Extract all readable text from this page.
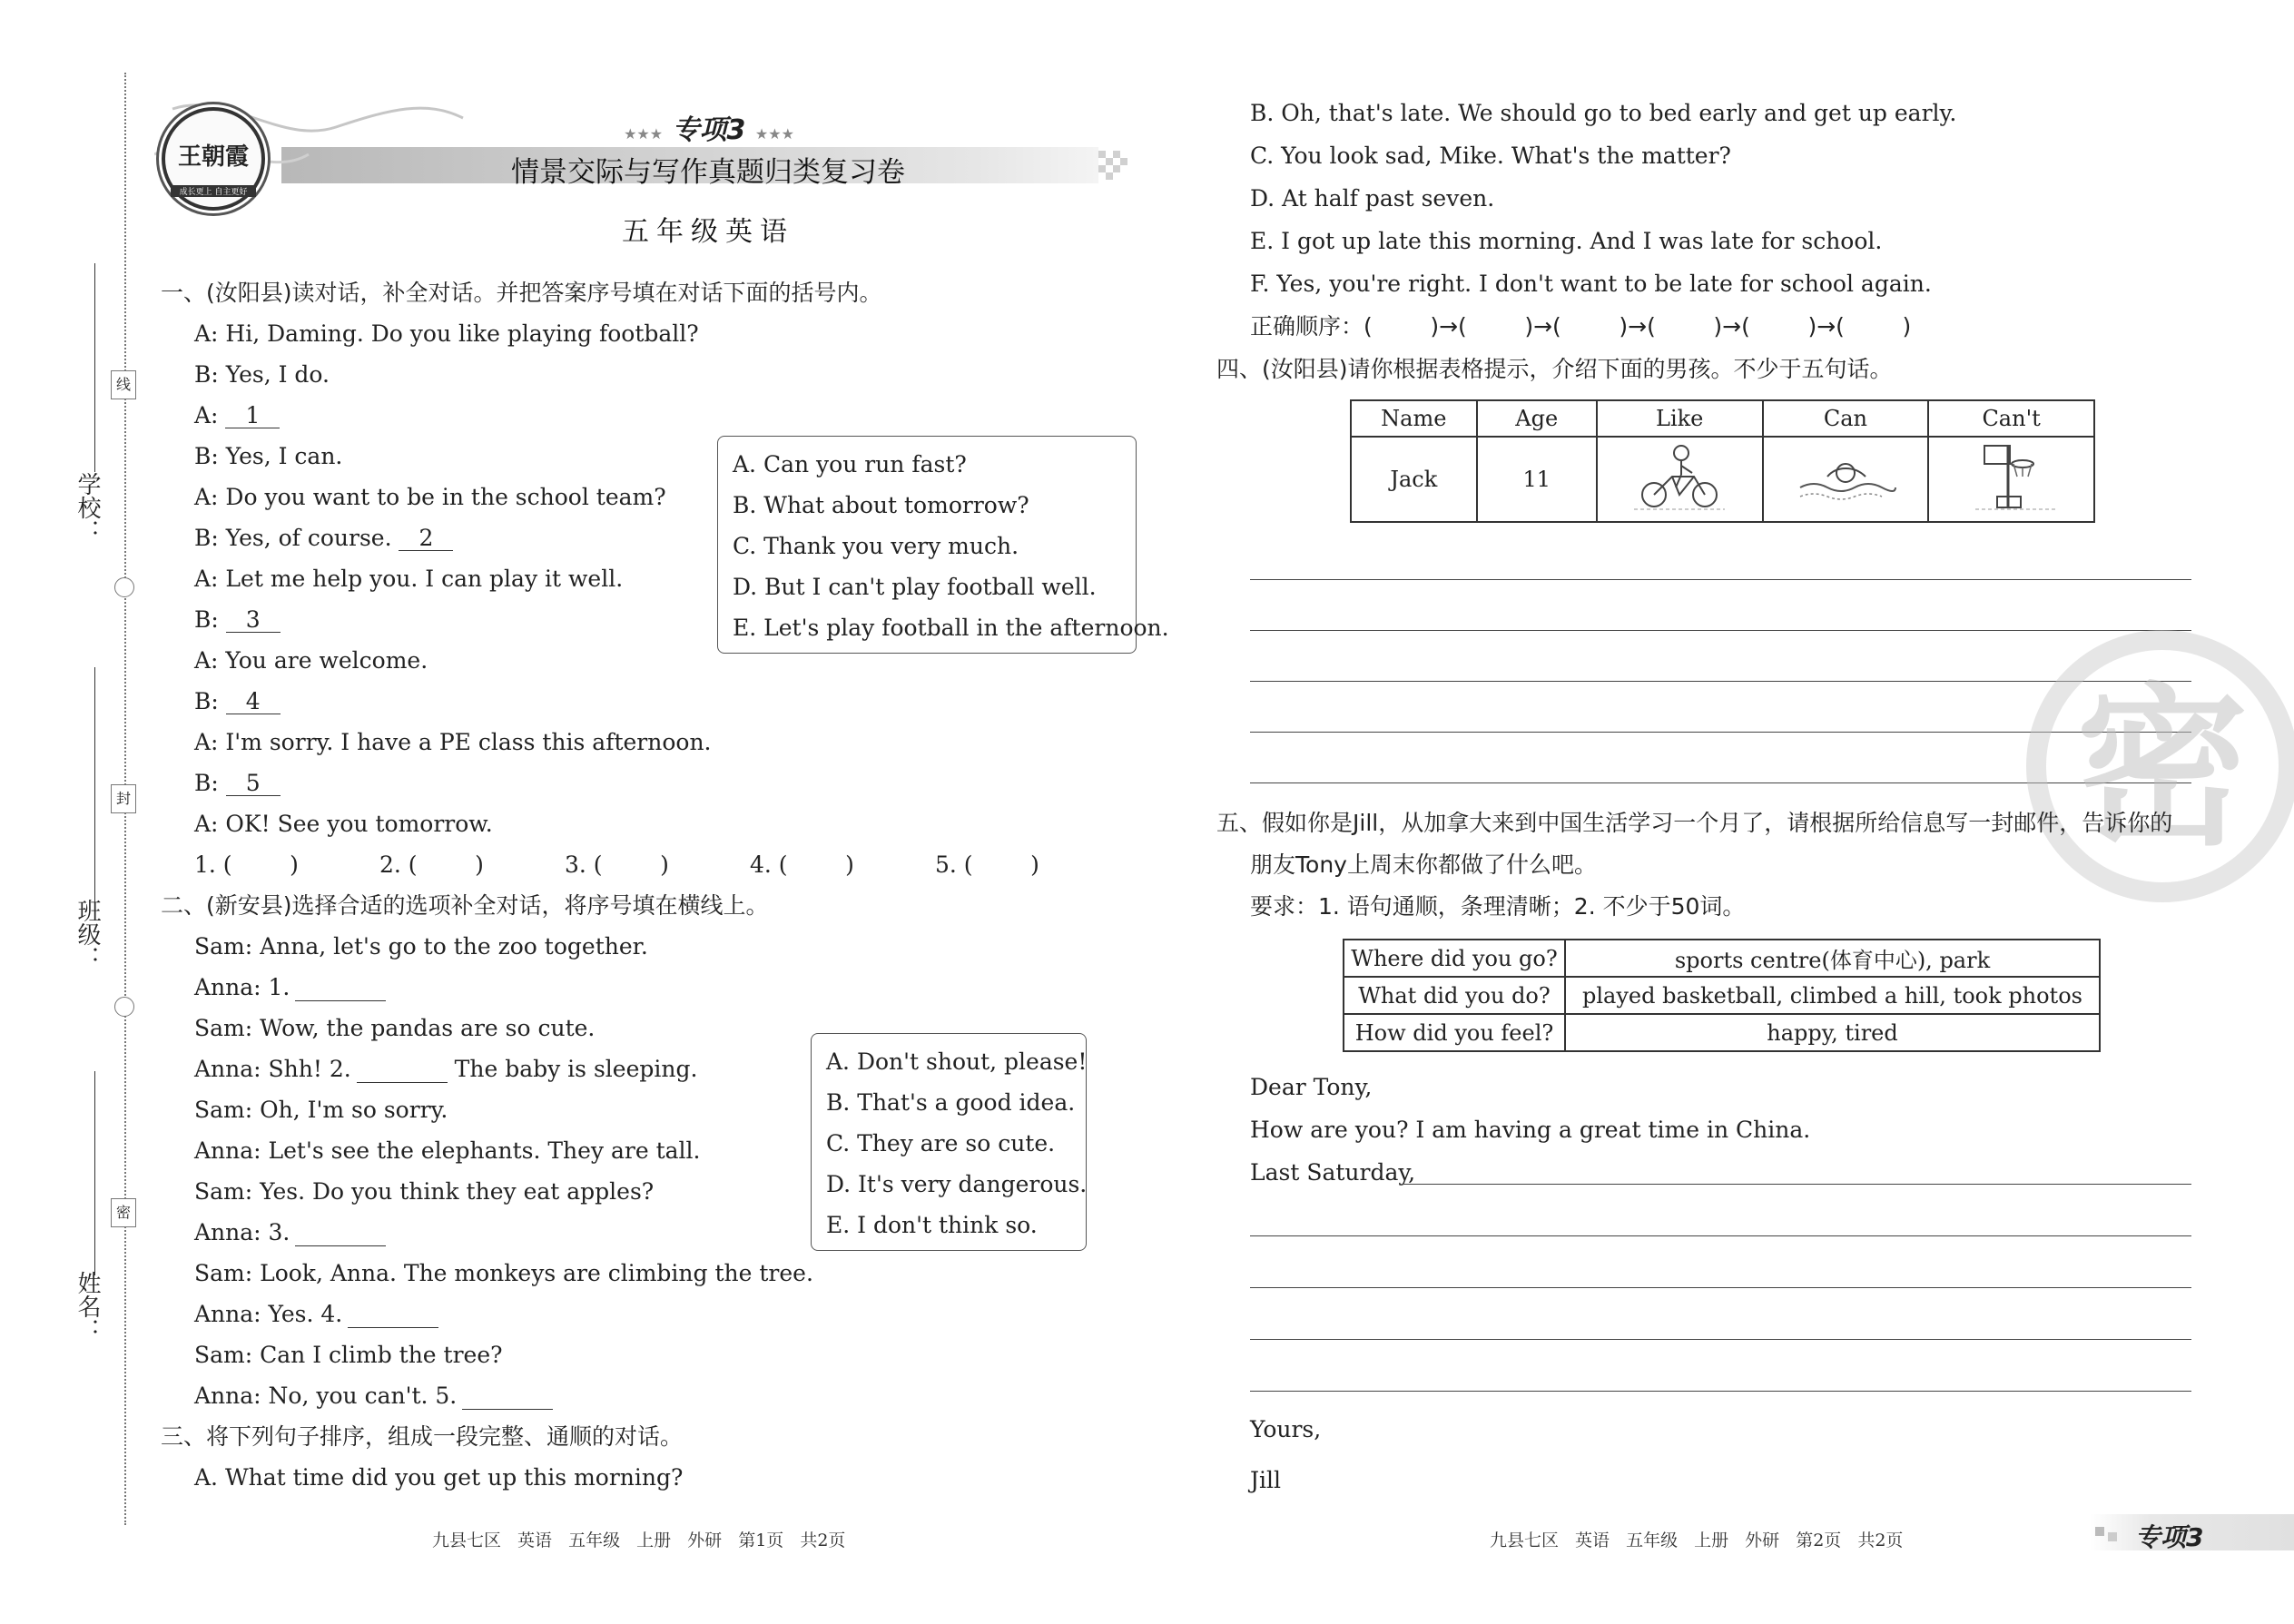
线
封
密
学校：
班级：
姓名：
王朝霞
成长更上 自主更好
★★★ 专项3 ★★★
情景交际与写作真题归类复习卷
五年级英语
一、(汝阳县)读对话，补全对话。并把答案序号填在对话下面的括号内。
A: Hi, Daming. Do you like playing football?
B: Yes, I do.
A: 1
B: Yes, I can.
A: Do you want to be in the school team?
B: Yes, of course. 2
A: Let me help you. I can play it well.
B: 3
A: You are welcome.
B: 4
A: I'm sorry. I have a PE class this afternoon.
B: 5
A: OK! See you tomorrow.
A. Can you run fast?
B. What about tomorrow?
C. Thank you very much.
D. But I can't play football well.
E. Let's play football in the afternoon.
1. (        )	2. (        )	3. (        )	4. (        )	5. (        )
二、(新安县)选择合适的选项补全对话，将序号填在横线上。
Sam: Anna, let's go to the zoo together.
Anna: 1.
Sam: Wow, the pandas are so cute.
Anna: Shh! 2.	The baby is sleeping.
Sam: Oh, I'm so sorry.
Anna: Let's see the elephants. They are tall.
Sam: Yes. Do you think they eat apples?
Anna: 3.
Sam: Look, Anna. The monkeys are climbing the tree.
Anna: Yes. 4.
Sam: Can I climb the tree?
Anna: No, you can't. 5.
A. Don't shout, please!
B. That's a good idea.
C. They are so cute.
D. It's very dangerous.
E. I don't think so.
三、将下列句子排序，组成一段完整、通顺的对话。
A. What time did you get up this morning?
B. Oh, that's late. We should go to bed early and get up early.
C. You look sad, Mike. What's the matter?
D. At half past seven.
E. I got up late this morning. And I was late for school.
F. Yes, you're right. I don't want to be late for school again.
正确顺序：(        )→(        )→(        )→(        )→(        )→(        )
四、(汝阳县)请你根据表格提示，介绍下面的男孩。不少于五句话。
Name	Age	Like	Can	Can't
Jack	11			
密
五、假如你是Jill，从加拿大来到中国生活学习一个月了，请根据所给信息写一封邮件，告诉你的
朋友Tony上周末你都做了什么吧。
要求：1. 语句通顺，条理清晰；2. 不少于50词。
Where did you go?	sports centre(体育中心), park
What did you do?	played basketball, climbed a hill, took photos
How did you feel?	happy, tired
Dear Tony,
How are you? I am having a great time in China.
Last Saturday,
Yours,
Jill
九县七区 英语 五年级 上册 外研 第1页 共2页	九县七区 英语 五年级 上册 外研 第2页 共2页	专项3
